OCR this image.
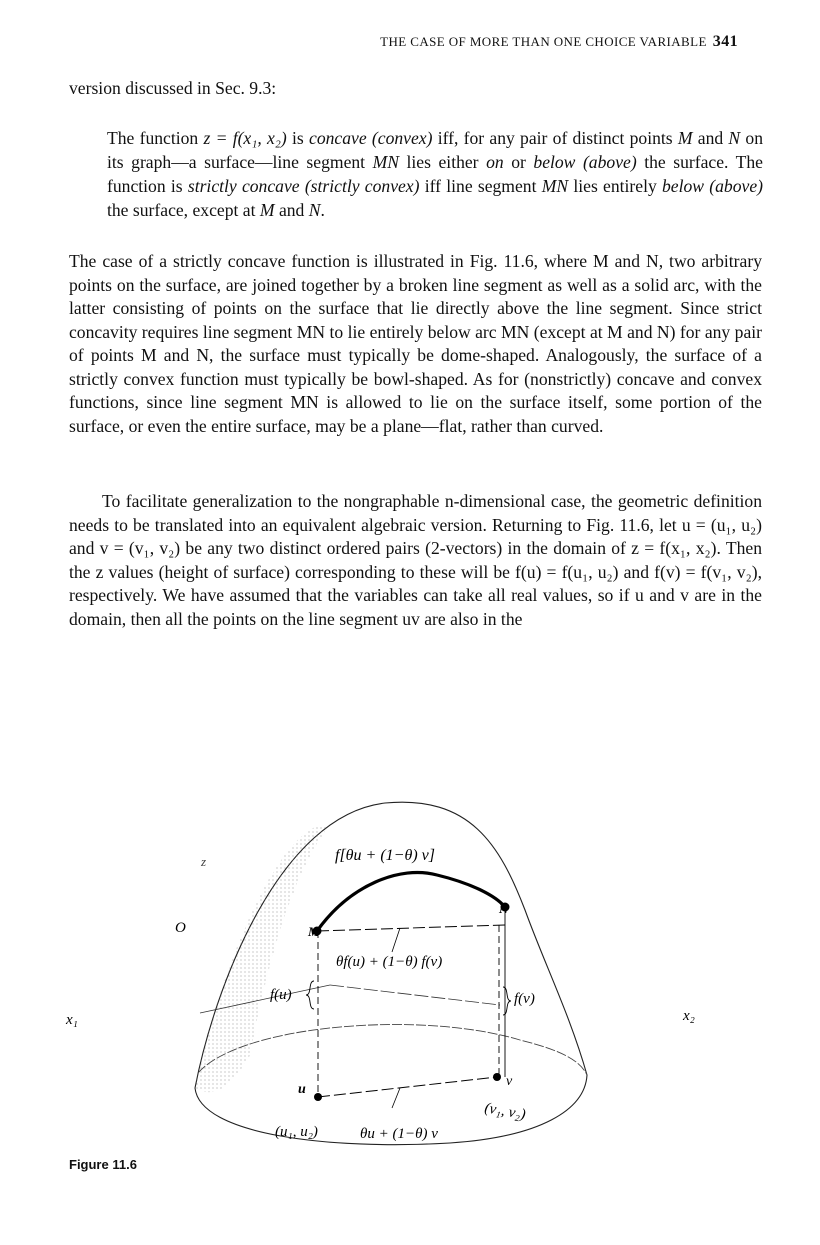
THE CASE OF MORE THAN ONE CHOICE VARIABLE 341
version discussed in Sec. 9.3:
The function z = f(x₁, x₂) is concave (convex) iff, for any pair of distinct points M and N on its graph—a surface—line segment MN lies either on or below (above) the surface. The function is strictly concave (strictly convex) iff line segment MN lies entirely below (above) the surface, except at M and N.

The case of a strictly concave function is illustrated in Fig. 11.6, where M and N, two arbitrary points on the surface, are joined together by a broken line segment as well as a solid arc, with the latter consisting of points on the surface that lie directly above the line segment. Since strict concavity requires line segment MN to lie entirely below arc MN (except at M and N) for any pair of points M and N, the surface must typically be dome-shaped. Analogously, the surface of a strictly convex function must typically be bowl-shaped. As for (nonstrictly) concave and convex functions, since line segment MN is allowed to lie on the surface itself, some portion of the surface, or even the entire surface, may be a plane—flat, rather than curved.

To facilitate generalization to the nongraphable n-dimensional case, the geometric definition needs to be translated into an equivalent algebraic version. Returning to Fig. 11.6, let u = (u₁, u₂) and v = (v₁, v₂) be any two distinct ordered pairs (2-vectors) in the domain of z = f(x₁, x₂). Then the z values (height of surface) corresponding to these will be f(u) = f(u₁, u₂) and f(v) = f(v₁, v₂), respectively. We have assumed that the variables can take all real values, so if u and v are in the domain, then all the points on the line segment uv are also in the

z
O
x₁	x₂
f[θu + (1−θ) v]
M
N
θf(u) + (1−θ) f(v)
f(u)	f(v)
u
v
(u₁, u₂)	θu + (1−θ) v
(v₁, v₂)
Figure 11.6
